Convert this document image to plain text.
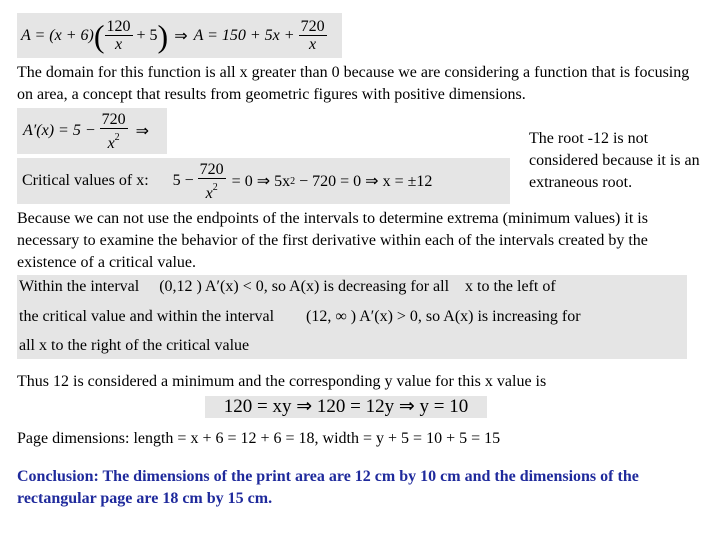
A = (x + 6) ( $\frac{120}{x} + 5$ ) ⇒ $A = 150 + 5x + \frac{720}{x}$
The domain for this function is all x greater than 0 because we are considering a function that is focusing on area, a concept that results from geometric figures with positive dimensions.
$A'(x) = 5 - \frac{720}{x^2}$ ⇒
Critical values of x: $5 - \frac{720}{x^2} = 0$ ⇒ 5x 2 − 720 = 0 ⇒ x = ±12
The root -12 is not considered because it is an extraneous root.
Because we can not use the endpoints of the intervals to determine extrema (minimum values) it is necessary to examine the behavior of the first derivative within each of the intervals created by the existence of a critical value.
Within the interval (0,12 ) A′(x) < 0, so A(x) is decreasing for all x to the left of
the critical value and within the interval (12, ∞ ) A′(x) > 0, so A(x) is increasing for
all x to the right of the critical value
Thus 12 is considered a minimum and the corresponding y value for this x value is
120 = xy ⇒ 120 = 12y ⇒ y = 10
Page dimensions: length = x + 6 = 12 + 6 = 18, width = y + 5 = 10 + 5 = 15
Conclusion: The dimensions of the print area are 12 cm by 10 cm and the dimensions of the rectangular page are 18 cm by 15 cm.
